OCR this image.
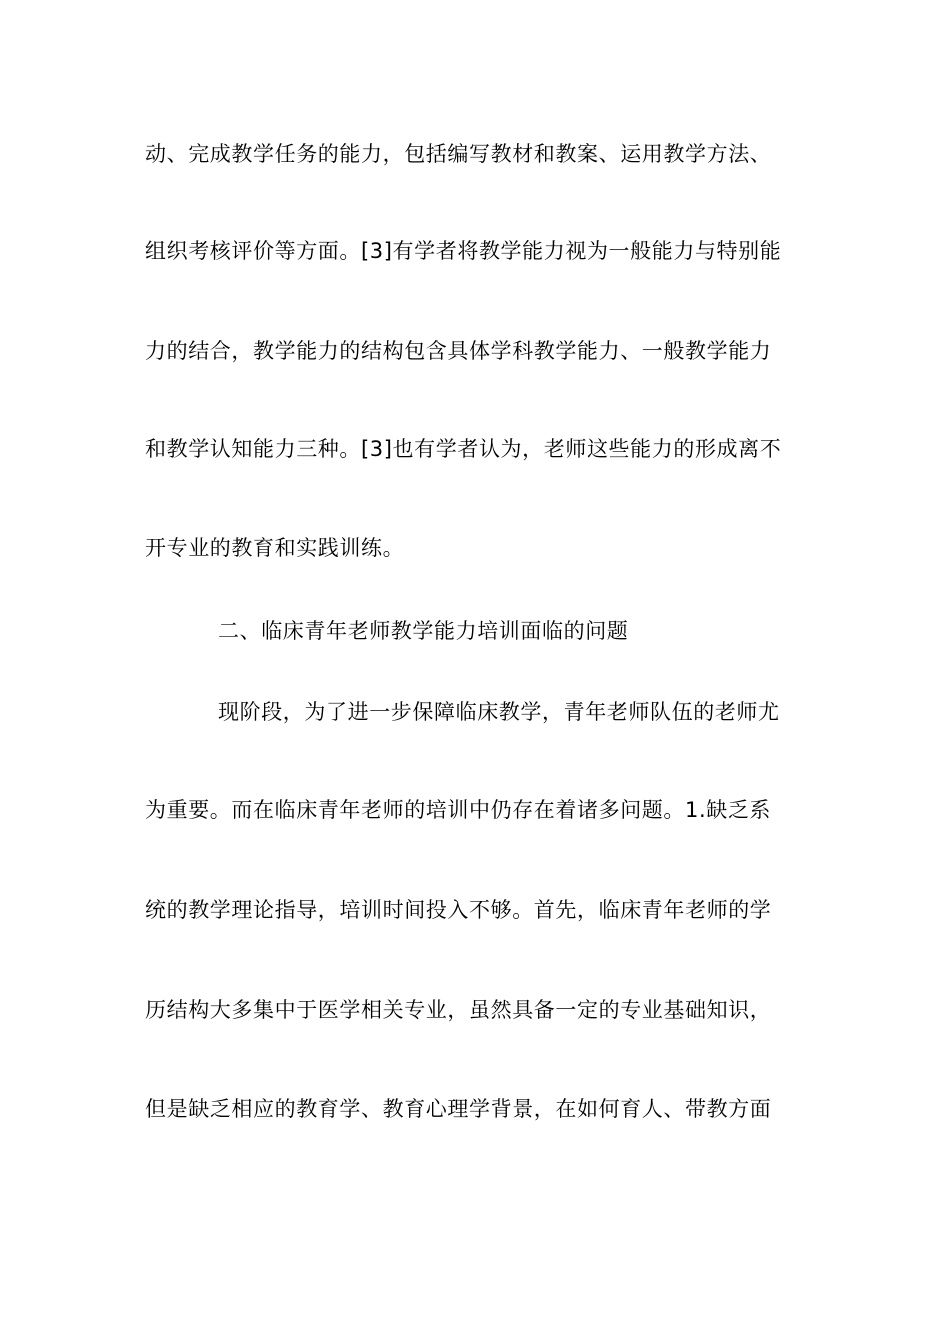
动、完成教学任务的能力，包括编写教材和教案、运用教学方法、
组织考核评价等方面。[3]有学者将教学能力视为一般能力与特别能
力的结合，教学能力的结构包含具体学科教学能力、一般教学能力
和教学认知能力三种。[3]也有学者认为，老师这些能力的形成离不
开专业的教育和实践训练。
二、临床青年老师教学能力培训面临的问题
现阶段，为了进一步保障临床教学，青年老师队伍的老师尤
为重要。而在临床青年老师的培训中仍存在着诸多问题。1.缺乏系
统的教学理论指导，培训时间投入不够。首先，临床青年老师的学
历结构大多集中于医学相关专业，虽然具备一定的专业基础知识，
但是缺乏相应的教育学、教育心理学背景，在如何育人、带教方面
